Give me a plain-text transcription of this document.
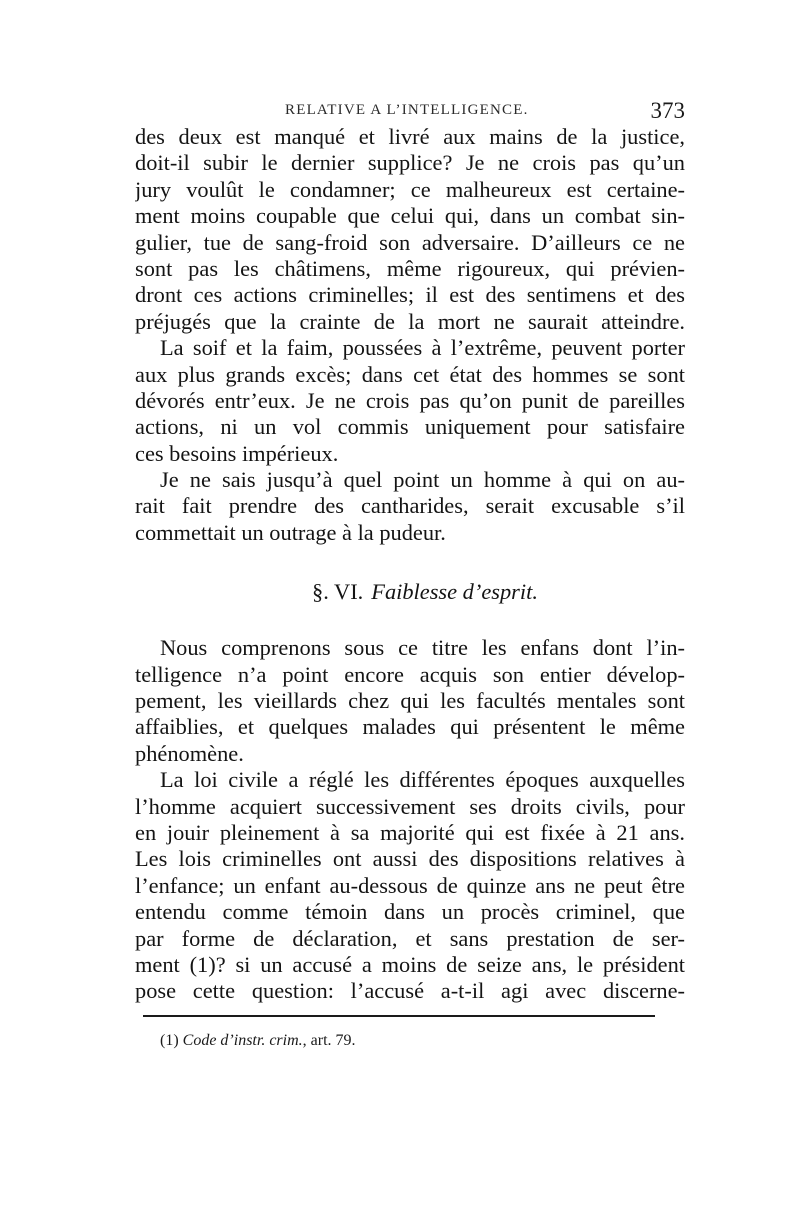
RELATIVE A L’INTELLIGENCE.	373
des deux est manqué et livré aux mains de la justice,
doit-il subir le dernier supplice? Je ne crois pas qu’un
jury voulût le condamner; ce malheureux est certaine-
ment moins coupable que celui qui, dans un combat sin-
gulier, tue de sang-froid son adversaire. D’ailleurs ce ne
sont pas les châtimens, même rigoureux, qui prévien-
dront ces actions criminelles; il est des sentimens et des
préjugés que la crainte de la mort ne saurait atteindre.
La soif et la faim, poussées à l’extrême, peuvent porter
aux plus grands excès; dans cet état des hommes se sont
dévorés entr’eux. Je ne crois pas qu’on punit de pareilles
actions, ni un vol commis uniquement pour satisfaire
ces besoins impérieux.
Je ne sais jusqu’à quel point un homme à qui on au-
rait fait prendre des cantharides, serait excusable s’il
commettait un outrage à la pudeur.
§. VI. Faiblesse d’esprit.
Nous comprenons sous ce titre les enfans dont l’in-
telligence n’a point encore acquis son entier dévelop-
pement, les vieillards chez qui les facultés mentales sont
affaiblies, et quelques malades qui présentent le même
phénomène.
La loi civile a réglé les différentes époques auxquelles
l’homme acquiert successivement ses droits civils, pour
en jouir pleinement à sa majorité qui est fixée à 21 ans.
Les lois criminelles ont aussi des dispositions relatives à
l’enfance; un enfant au-dessous de quinze ans ne peut être
entendu comme témoin dans un procès criminel, que
par forme de déclaration, et sans prestation de ser-
ment (1)? si un accusé a moins de seize ans, le président
pose cette question: l’accusé a-t-il agi avec discerne-
(1) Code d’instr. crim., art. 79.
